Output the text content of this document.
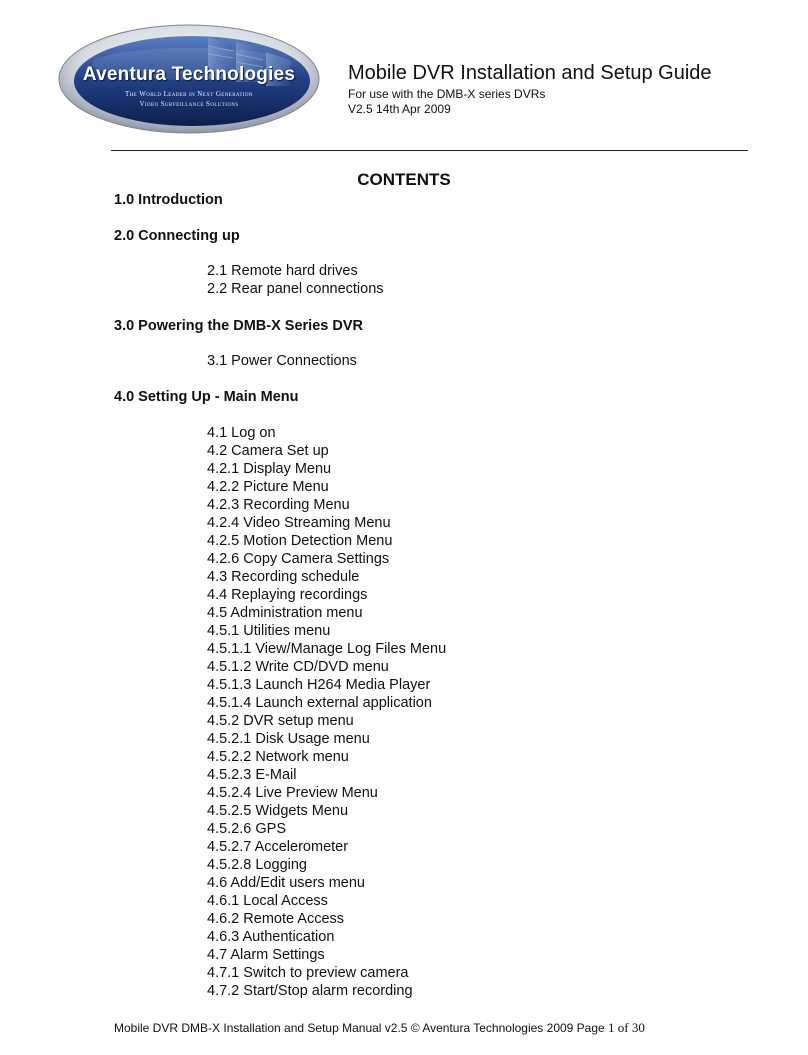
Aventura Technologies
The World Leader in Next Generation
Video Surveillance Solutions
Mobile DVR Installation and Setup Guide
For use with the DMB-X series DVRs
V2.5 14th Apr 2009
CONTENTS
1.0 Introduction
2.0 Connecting up
2.1 Remote hard drives
2.2 Rear panel connections
3.0 Powering the DMB-X Series DVR
3.1 Power Connections
4.0 Setting Up - Main Menu
4.1 Log on
4.2 Camera Set up
4.2.1 Display Menu
4.2.2 Picture Menu
4.2.3 Recording Menu
4.2.4 Video Streaming Menu
4.2.5 Motion Detection Menu
4.2.6 Copy Camera Settings
4.3 Recording schedule
4.4 Replaying recordings
4.5 Administration menu
4.5.1 Utilities menu
4.5.1.1 View/Manage Log Files Menu
4.5.1.2 Write CD/DVD menu
4.5.1.3 Launch H264 Media Player
4.5.1.4 Launch external application
4.5.2 DVR setup menu
4.5.2.1 Disk Usage menu
4.5.2.2 Network menu
4.5.2.3 E-Mail
4.5.2.4 Live Preview Menu
4.5.2.5 Widgets Menu
4.5.2.6 GPS
4.5.2.7 Accelerometer
4.5.2.8 Logging
4.6 Add/Edit users menu
4.6.1 Local Access
4.6.2 Remote Access
4.6.3 Authentication
4.7 Alarm Settings
4.7.1 Switch to preview camera
4.7.2 Start/Stop alarm recording
Mobile DVR DMB-X Installation and Setup Manual v2.5 © Aventura Technologies 2009 Page 1 of 30
